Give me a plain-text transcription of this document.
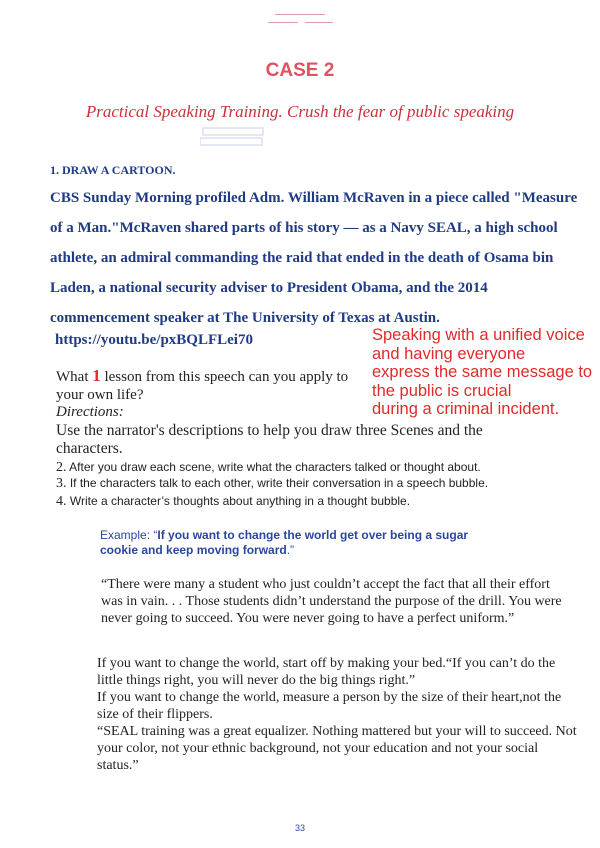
CASE 2
Practical Speaking Training. Crush the fear of public speaking
1. DRAW A CARTOON.
CBS Sunday Morning profiled Adm. William McRaven in a piece called "Measure
of a Man."McRaven shared parts of his story — as a Navy SEAL, a high school
athlete, an admiral commanding the raid that ended in the death of Osama bin
Laden, a national security adviser to President Obama, and the 2014
commencement speaker at The University of Texas at Austin.
https://youtu.be/pxBQLFLei70	Speaking with a unified voice
and having everyone
express the same message to
the public is crucial
during a criminal incident.
What 1 lesson from this speech can you apply to your own life?
Directions:
Use the narrator's descriptions to help you draw three Scenes and the characters.
2. After you draw each scene, write what the characters talked or thought about.
3. If the characters talk to each other, write their conversation in a speech bubble.
4. Write a character’s thoughts about anything in a thought bubble.
Example: “If you want to change the world get over being a sugar cookie and keep moving forward.”
“There were many a student who just couldn’t accept the fact that all their effort was in vain. . . Those students didn’t understand the purpose of the drill. You were never going to succeed. You were never going to have a perfect uniform.”
If you want to change the world, start off by making your bed.“If you can’t do the little things right, you will never do the big things right.”
If you want to change the world, measure a person by the size of their heart,not the size of their flippers.
“SEAL training was a great equalizer. Nothing mattered but your will to succeed. Not your color, not your ethnic background, not your education and not your social status.”
33
